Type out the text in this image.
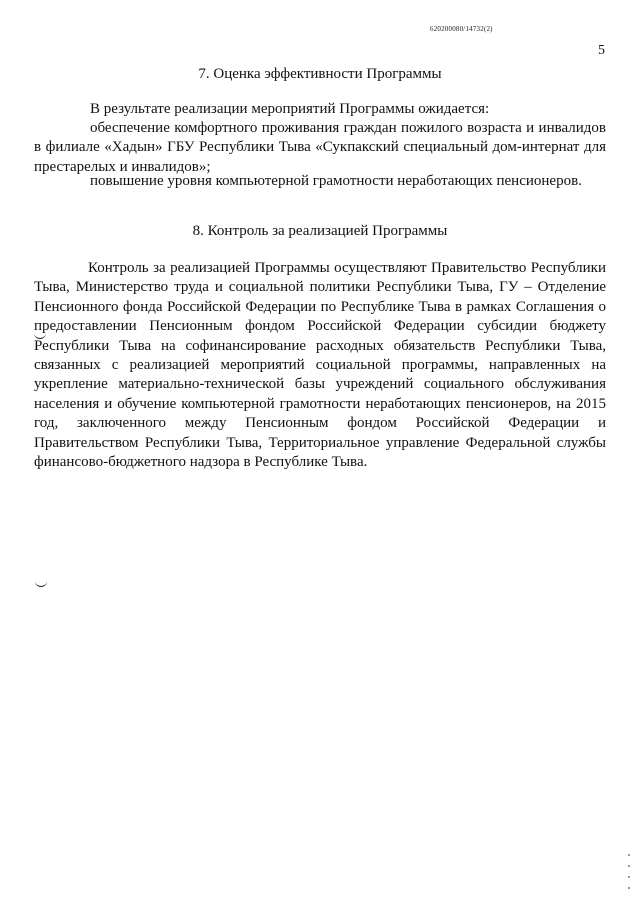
620200080/14732(2)
5
7. Оценка эффективности Программы
В результате реализации мероприятий Программы ожидается:
обеспечение комфортного проживания граждан пожилого возраста и инвалидов в филиале «Хадын» ГБУ Республики Тыва «Сукпакский специальный дом-интернат для престарелых и инвалидов»;
повышение уровня компьютерной грамотности неработающих пенсионеров.
8. Контроль за реализацией Программы
Контроль за реализацией Программы осуществляют Правительство Республики Тыва, Министерство труда и социальной политики Республики Тыва, ГУ – Отделение Пенсионного фонда Российской Федерации по Республике Тыва в рамках Соглашения о предоставлении Пенсионным фондом Российской Федерации субсидии бюджету Республики Тыва на софинансирование расходных обязательств Республики Тыва, связанных с реализацией мероприятий социальной программы, направленных на укрепление материально-технической базы учреждений социального обслуживания населения и обучение компьютерной грамотности неработающих пенсионеров, на 2015 год, заключенного между Пенсионным фондом Российской Федерации и Правительством Республики Тыва, Территориальное управление Федеральной службы финансово-бюджетного надзора в Республике Тыва.
